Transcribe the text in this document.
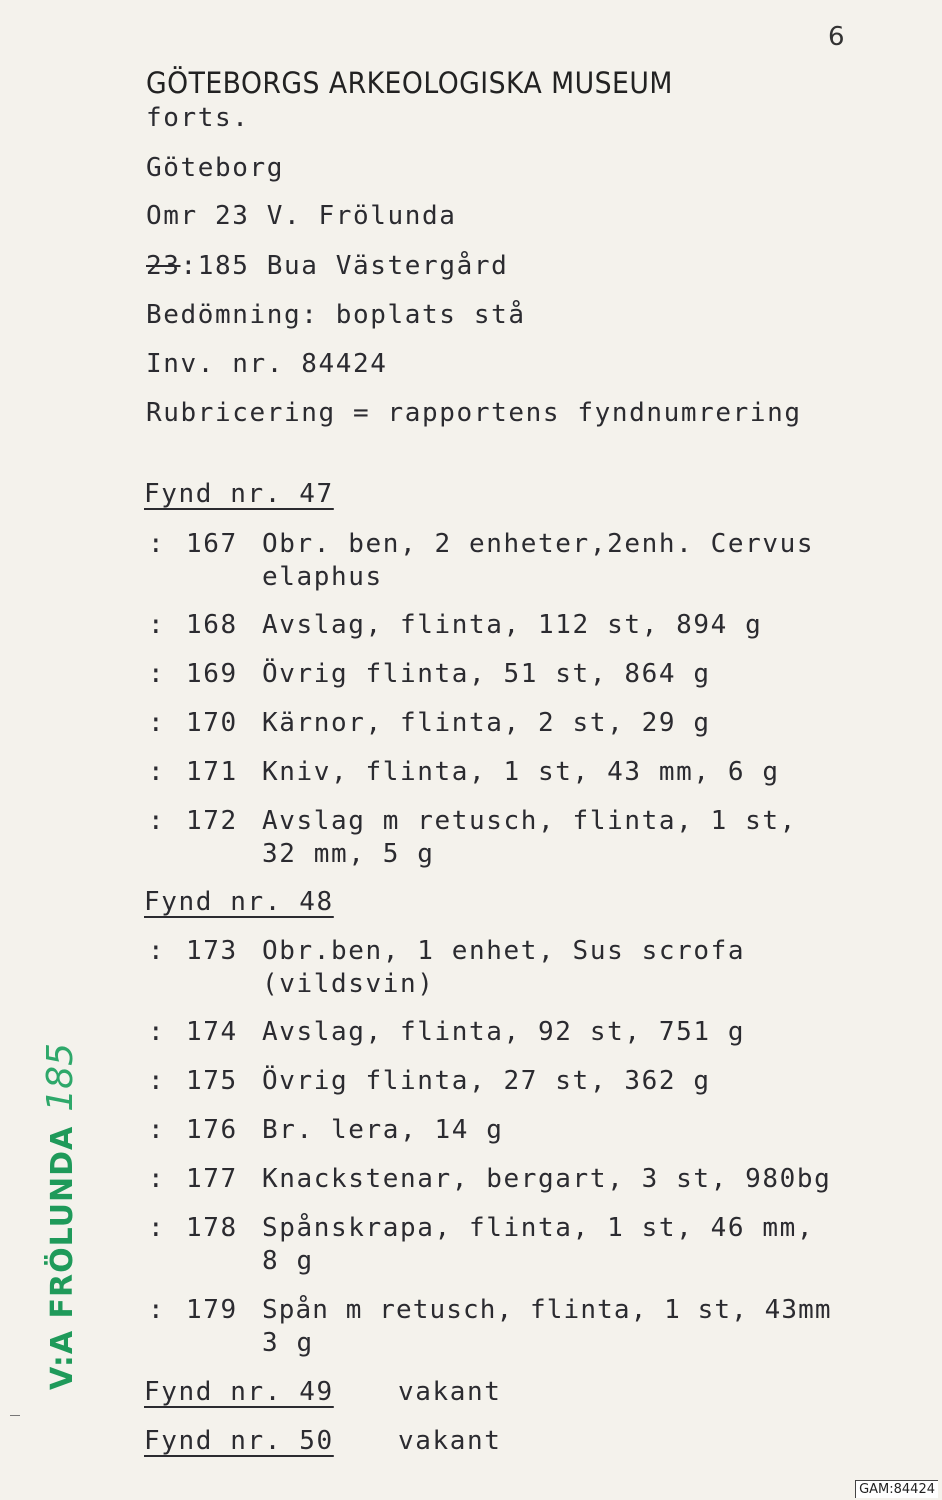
6
GÖTEBORGS ARKEOLOGISKA MUSEUM
forts.
Göteborg
Omr 23 V. Frölunda
23:185 Bua Västergård
Bedömning: boplats stå
Inv. nr. 84424
Rubricering = rapportens fyndnumrering
Fynd nr. 47
: 167 Obr. ben, 2 enheter,2enh. Cervus
elaphus
: 168 Avslag, flinta, 112 st, 894 g
: 169 Övrig flinta, 51 st, 864 g
: 170 Kärnor, flinta, 2 st, 29 g
: 171 Kniv, flinta, 1 st, 43 mm, 6 g
: 172 Avslag m retusch, flinta, 1 st,
32 mm, 5 g
Fynd nr. 48
: 173 Obr.ben, 1 enhet, Sus scrofa
(vildsvin)
: 174 Avslag, flinta, 92 st, 751 g
: 175 Övrig flinta, 27 st, 362 g
: 176 Br. lera, 14 g
: 177 Knackstenar, bergart, 3 st, 980bg
: 178 Spånskrapa, flinta, 1 st, 46 mm,
8 g
: 179 Spån m retusch, flinta, 1 st, 43mm
3 g
Fynd nr. 49 vakant
Fynd nr. 50 vakant
V:A FRÖLUNDA185
GAM:84424
